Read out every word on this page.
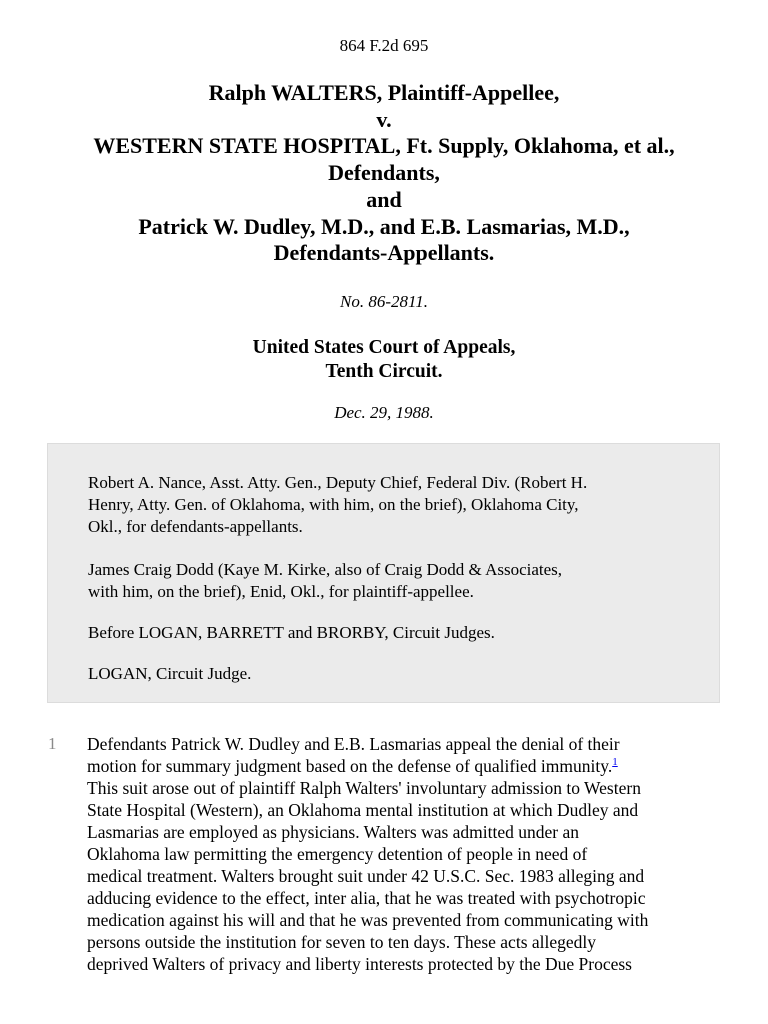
864 F.2d 695
Ralph WALTERS, Plaintiff-Appellee,
v.
WESTERN STATE HOSPITAL, Ft. Supply, Oklahoma, et al.,
Defendants,
and
Patrick W. Dudley, M.D., and E.B. Lasmarias, M.D.,
Defendants-Appellants.
No. 86-2811.
United States Court of Appeals,
Tenth Circuit.
Dec. 29, 1988.

Robert A. Nance, Asst. Atty. Gen., Deputy Chief, Federal Div. (Robert H.
Henry, Atty. Gen. of Oklahoma, with him, on the brief), Oklahoma City,
Okl., for defendants-appellants.

James Craig Dodd (Kaye M. Kirke, also of Craig Dodd & Associates,
with him, on the brief), Enid, Okl., for plaintiff-appellee.

Before LOGAN, BARRETT and BRORBY, Circuit Judges.

LOGAN, Circuit Judge.

1 Defendants Patrick W. Dudley and E.B. Lasmarias appeal the denial of their
motion for summary judgment based on the defense of qualified immunity.$^1$
This suit arose out of plaintiff Ralph Walters' involuntary admission to Western
State Hospital (Western), an Oklahoma mental institution at which Dudley and
Lasmarias are employed as physicians. Walters was admitted under an
Oklahoma law permitting the emergency detention of people in need of
medical treatment. Walters brought suit under 42 U.S.C. Sec. 1983 alleging and
adducing evidence to the effect, inter alia, that he was treated with psychotropic
medication against his will and that he was prevented from communicating with
persons outside the institution for seven to ten days. These acts allegedly
deprived Walters of privacy and liberty interests protected by the Due Process
